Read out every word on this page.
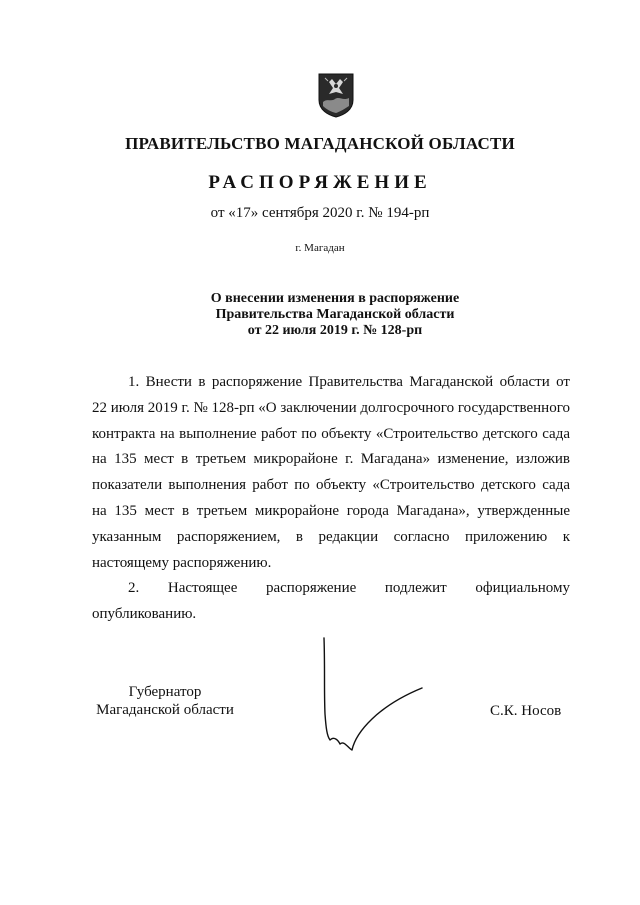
ПРАВИТЕЛЬСТВО МАГАДАНСКОЙ ОБЛАСТИ
РАСПОРЯЖЕНИЕ
от «17» сентября 2020 г. № 194-рп
г. Магадан
О внесении изменения в распоряжение
Правительства Магаданской области
от 22 июля 2019 г. № 128-рп

1. Внести в распоряжение Правительства Магаданской области от 22 июля 2019 г. № 128-рп «О заключении долгосрочного государственного контракта на выполнение работ по объекту «Строительство детского сада на 135 мест в третьем микрорайоне г. Магадана» изменение, изложив показатели выполнения работ по объекту «Строительство детского сада на 135 мест в третьем микрорайоне города Магадана», утвержденные указанным распоряжением, в редакции согласно приложению к настоящему распоряжению.

2. Настоящее распоряжение подлежит официальному опубликованию.

Губернатор
Магаданской области	С.К. Носов
